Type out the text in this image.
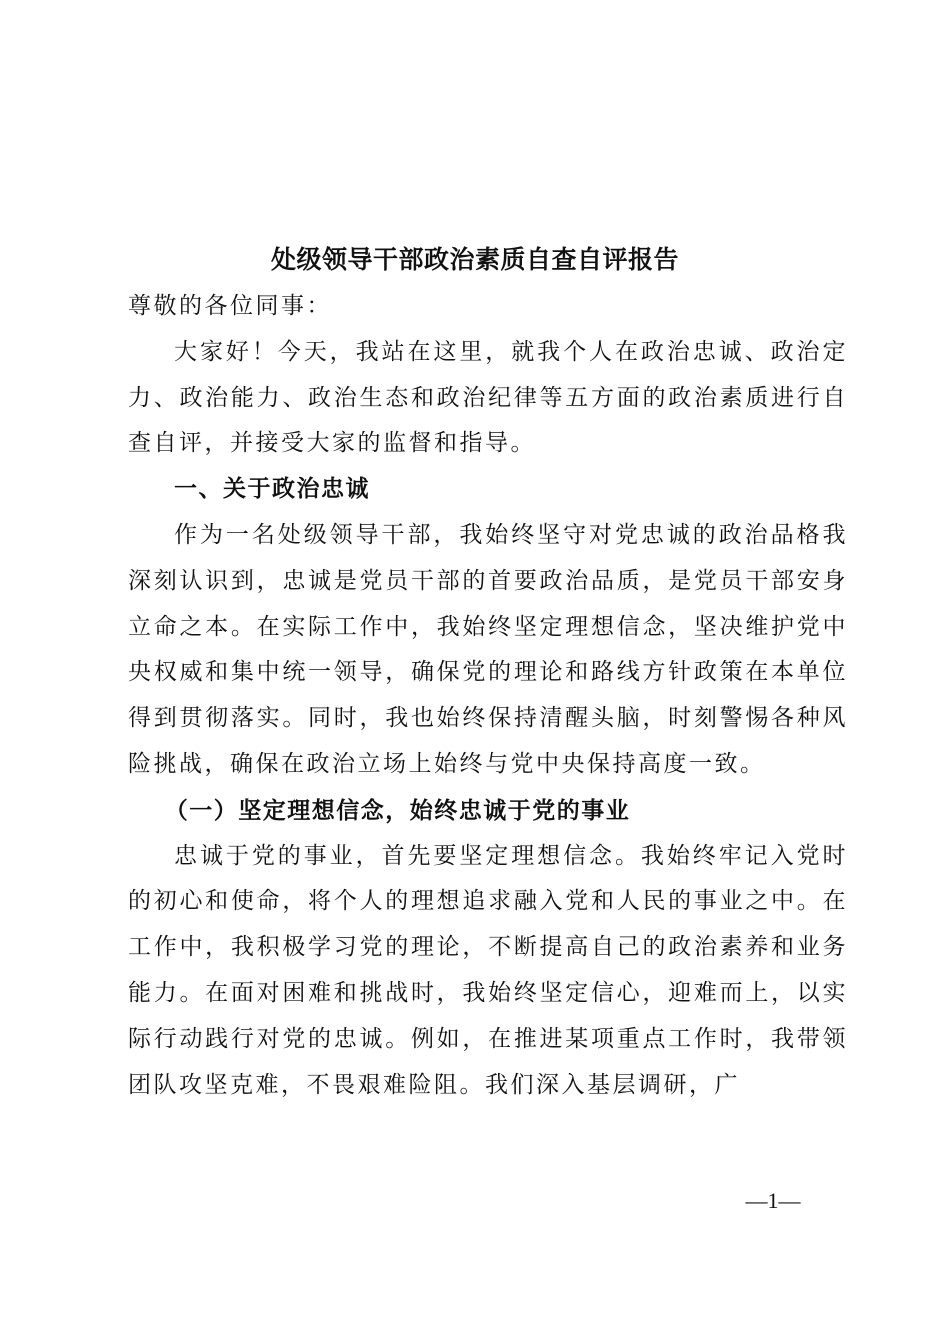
处级领导干部政治素质自查自评报告

尊敬的各位同事：

大家好！今天，我站在这里，就我个人在政治忠诚、政治定力、政治能力、政治生态和政治纪律等五方面的政治素质进行自查自评，并接受大家的监督和指导。

一、关于政治忠诚

作为一名处级领导干部，我始终坚守对党忠诚的政治品格我深刻认识到，忠诚是党员干部的首要政治品质，是党员干部安身立命之本。在实际工作中，我始终坚定理想信念，坚决维护党中央权威和集中统一领导，确保党的理论和路线方针政策在本单位得到贯彻落实。同时，我也始终保持清醒头脑，时刻警惕各种风险挑战，确保在政治立场上始终与党中央保持高度一致。

（一）坚定理想信念，始终忠诚于党的事业

忠诚于党的事业，首先要坚定理想信念。我始终牢记入党时的初心和使命，将个人的理想追求融入党和人民的事业之中。在工作中，我积极学习党的理论，不断提高自己的政治素养和业务能力。在面对困难和挑战时，我始终坚定信心，迎难而上，以实际行动践行对党的忠诚。例如，在推进某项重点工作时，我带领团队攻坚克难，不畏艰难险阻。我们深入基层调研，广

—1—
